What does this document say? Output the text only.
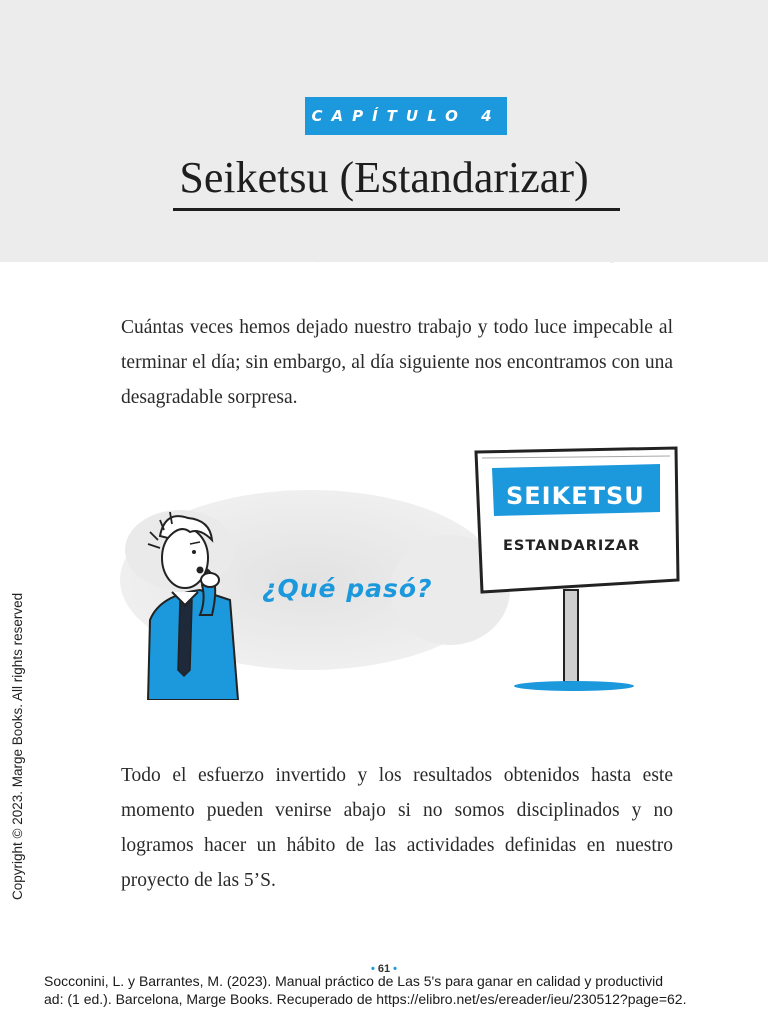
CAPÍTULO 4
Seiketsu (Estandarizar)
Cuántas veces hemos dejado nuestro trabajo y todo luce impecable al terminar el día; sin embargo, al día siguiente nos encontramos con una desagradable sorpresa.
SEIKETSU
ESTANDARIZAR
¿Qué pasó?
Todo el esfuerzo invertido y los resultados obtenidos hasta este momento pueden venirse abajo si no somos disciplinados y no logramos hacer un hábito de las actividades definidas en nuestro proyecto de las 5’S.
Copyright © 2023. Marge Books. All rights reserved
• 61 •
Socconini, L. y Barrantes, M. (2023). Manual práctico de Las 5's para ganar en calidad y productivid
ad: (1 ed.). Barcelona, Marge Books. Recuperado de https://elibro.net/es/ereader/ieu/230512?page=62.
